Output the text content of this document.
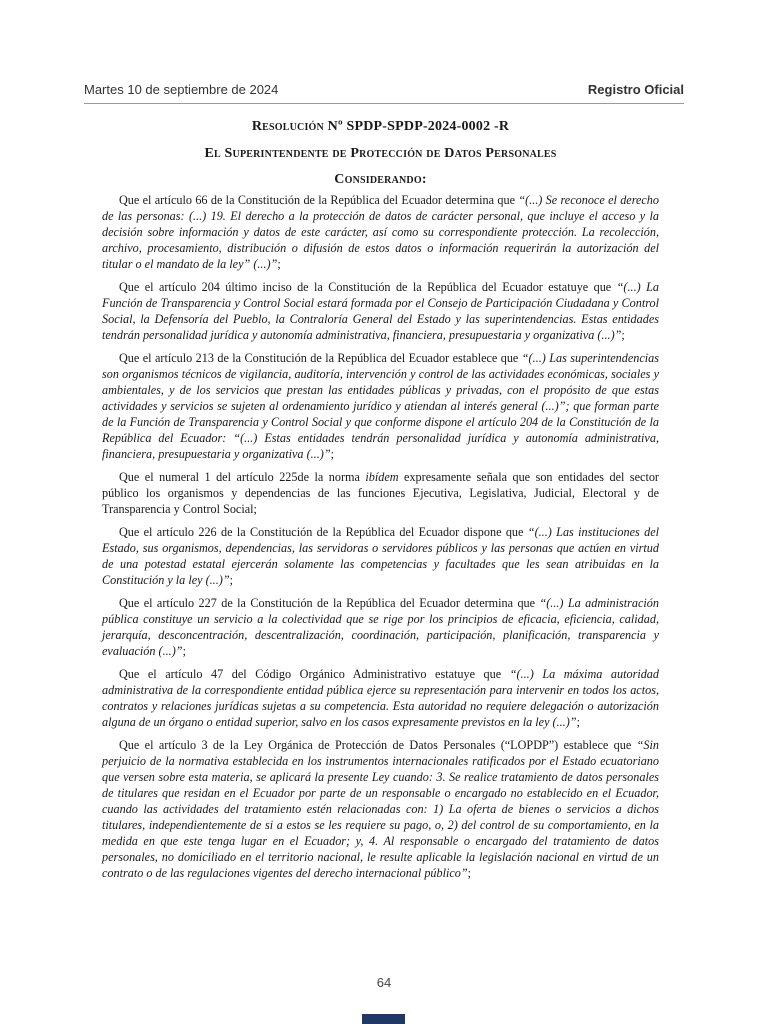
Martes 10 de septiembre de 2024	Registro Oficial

Resolución Nº SPDP-SPDP-2024-0002 -R

El Superintendente de Protección de Datos Personales

Considerando:

Que el artículo 66 de la Constitución de la República del Ecuador determina que “(...) Se reconoce el derecho de las personas: (...) 19. El derecho a la protección de datos de carácter personal, que incluye el acceso y la decisión sobre información y datos de este carácter, así como su correspondiente protección. La recolección, archivo, procesamiento, distribución o difusión de estos datos o información requerirán la autorización del titular o el mandato de la ley” (...)”;

Que el artículo 204 último inciso de la Constitución de la República del Ecuador estatuye que “(...) La Función de Transparencia y Control Social estará formada por el Consejo de Participación Ciudadana y Control Social, la Defensoría del Pueblo, la Contraloría General del Estado y las superintendencias. Estas entidades tendrán personalidad jurídica y autonomía administrativa, financiera, presupuestaria y organizativa (...)”;

Que el artículo 213 de la Constitución de la República del Ecuador establece que “(...) Las superintendencias son organismos técnicos de vigilancia, auditoría, intervención y control de las actividades económicas, sociales y ambientales, y de los servicios que prestan las entidades públicas y privadas, con el propósito de que estas actividades y servicios se sujeten al ordenamiento jurídico y atiendan al interés general (...)”; que forman parte de la Función de Transparencia y Control Social y que conforme dispone el artículo 204 de la Constitución de la República del Ecuador: “(...) Estas entidades tendrán personalidad jurídica y autonomía administrativa, financiera, presupuestaria y organizativa (...)”;

Que el numeral 1 del artículo 225de la norma ibídem expresamente señala que son entidades del sector público los organismos y dependencias de las funciones Ejecutiva, Legislativa, Judicial, Electoral y de Transparencia y Control Social;

Que el artículo 226 de la Constitución de la República del Ecuador dispone que “(...) Las instituciones del Estado, sus organismos, dependencias, las servidoras o servidores públicos y las personas que actúen en virtud de una potestad estatal ejercerán solamente las competencias y facultades que les sean atribuidas en la Constitución y la ley (...)”;

Que el artículo 227 de la Constitución de la República del Ecuador determina que “(...) La administración pública constituye un servicio a la colectividad que se rige por los principios de eficacia, eficiencia, calidad, jerarquía, desconcentración, descentralización, coordinación, participación, planificación, transparencia y evaluación (...)”;

Que el artículo 47 del Código Orgánico Administrativo estatuye que “(...) La máxima autoridad administrativa de la correspondiente entidad pública ejerce su representación para intervenir en todos los actos, contratos y relaciones jurídicas sujetas a su competencia. Esta autoridad no requiere delegación o autorización alguna de un órgano o entidad superior, salvo en los casos expresamente previstos en la ley (...)”;

Que el artículo 3 de la Ley Orgánica de Protección de Datos Personales (“LOPDP”) establece que “Sin perjuicio de la normativa establecida en los instrumentos internacionales ratificados por el Estado ecuatoriano que versen sobre esta materia, se aplicará la presente Ley cuando: 3. Se realice tratamiento de datos personales de titulares que residan en el Ecuador por parte de un responsable o encargado no establecido en el Ecuador, cuando las actividades del tratamiento estén relacionadas con: 1) La oferta de bienes o servicios a dichos titulares, independientemente de si a estos se les requiere su pago, o, 2) del control de su comportamiento, en la medida en que este tenga lugar en el Ecuador; y, 4. Al responsable o encargado del tratamiento de datos personales, no domiciliado en el territorio nacional, le resulte aplicable la legislación nacional en virtud de un contrato o de las regulaciones vigentes del derecho internacional público”;

64
